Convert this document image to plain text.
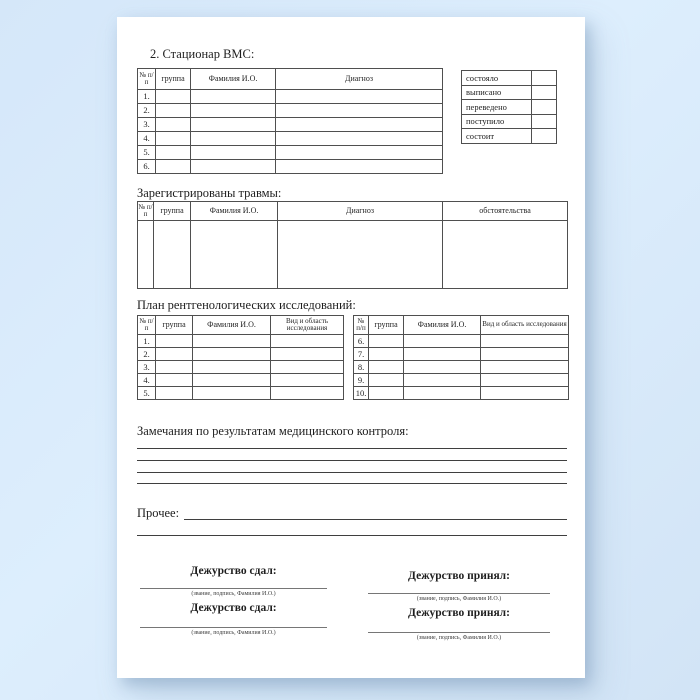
2. Стационар ВМС:
№ п/п	группа	Фамилия И.О.	Диагноз
1.			
2.			
3.			
4.			
5.			
6.			
состояло	
выписано	
переведено	
поступило	
состоит	
Зарегистрированы травмы:
№ п/п	группа	Фамилия И.О.	Диагноз	обстоятельства

План рентгенологических исследований:
№ п/п	группа	Фамилия И.О.	Вид и область исследования
1.			
2.			
3.			
4.			
5.			
№ п/п	группа	Фамилия И.О.	Вид и область исследования
6.			
7.			
8.			
9.			
10.			
Замечания по результатам медицинского контроля:
Прочее:
Дежурство сдал:
(звание, подпись, Фамилия И.О.)
Дежурство сдал:
(звание, подпись, Фамилия И.О.)
Дежурство принял:
(звание, подпись, Фамилия И.О.)
Дежурство принял:
(звание, подпись, Фамилия И.О.)
